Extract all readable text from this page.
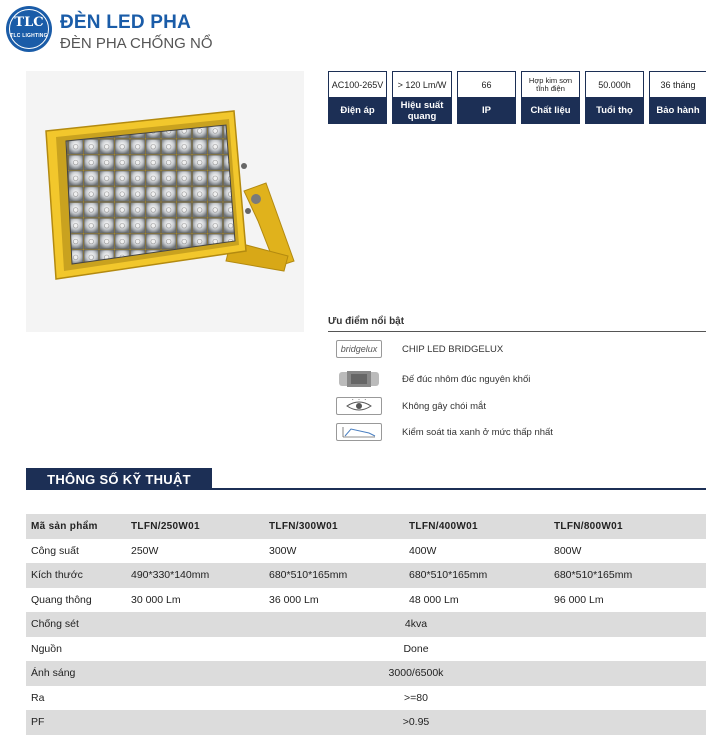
TLC
TLC LIGHTING
ĐÈN LED PHA
ĐÈN PHA CHỐNG NỔ
AC100-265V
Điện áp
> 120 Lm/W
Hiệu suất quang
66
IP
Hợp kim sơn tĩnh điện
Chất liệu
50.000h
Tuổi thọ
36 tháng
Bảo hành
Ưu điểm nổi bật
bridgelux	CHIP LED BRIDGELUX
Đế đúc nhôm đúc nguyên khối
Không gây chói mắt
Kiểm soát tia xanh ở mức thấp nhất
THÔNG SỐ KỸ THUẬT
Mã sản phẩm	TLFN/250W01	TLFN/300W01	TLFN/400W01	TLFN/800W01
Công suất	250W	300W	400W	800W
Kích thước	490*330*140mm	680*510*165mm	680*510*165mm	680*510*165mm
Quang thông	30 000 Lm	36 000 Lm	48 000 Lm	96 000 Lm
Chống sét	4kva
Nguồn	Done
Ánh sáng	3000/6500k
Ra	>=80
PF	>0.95
